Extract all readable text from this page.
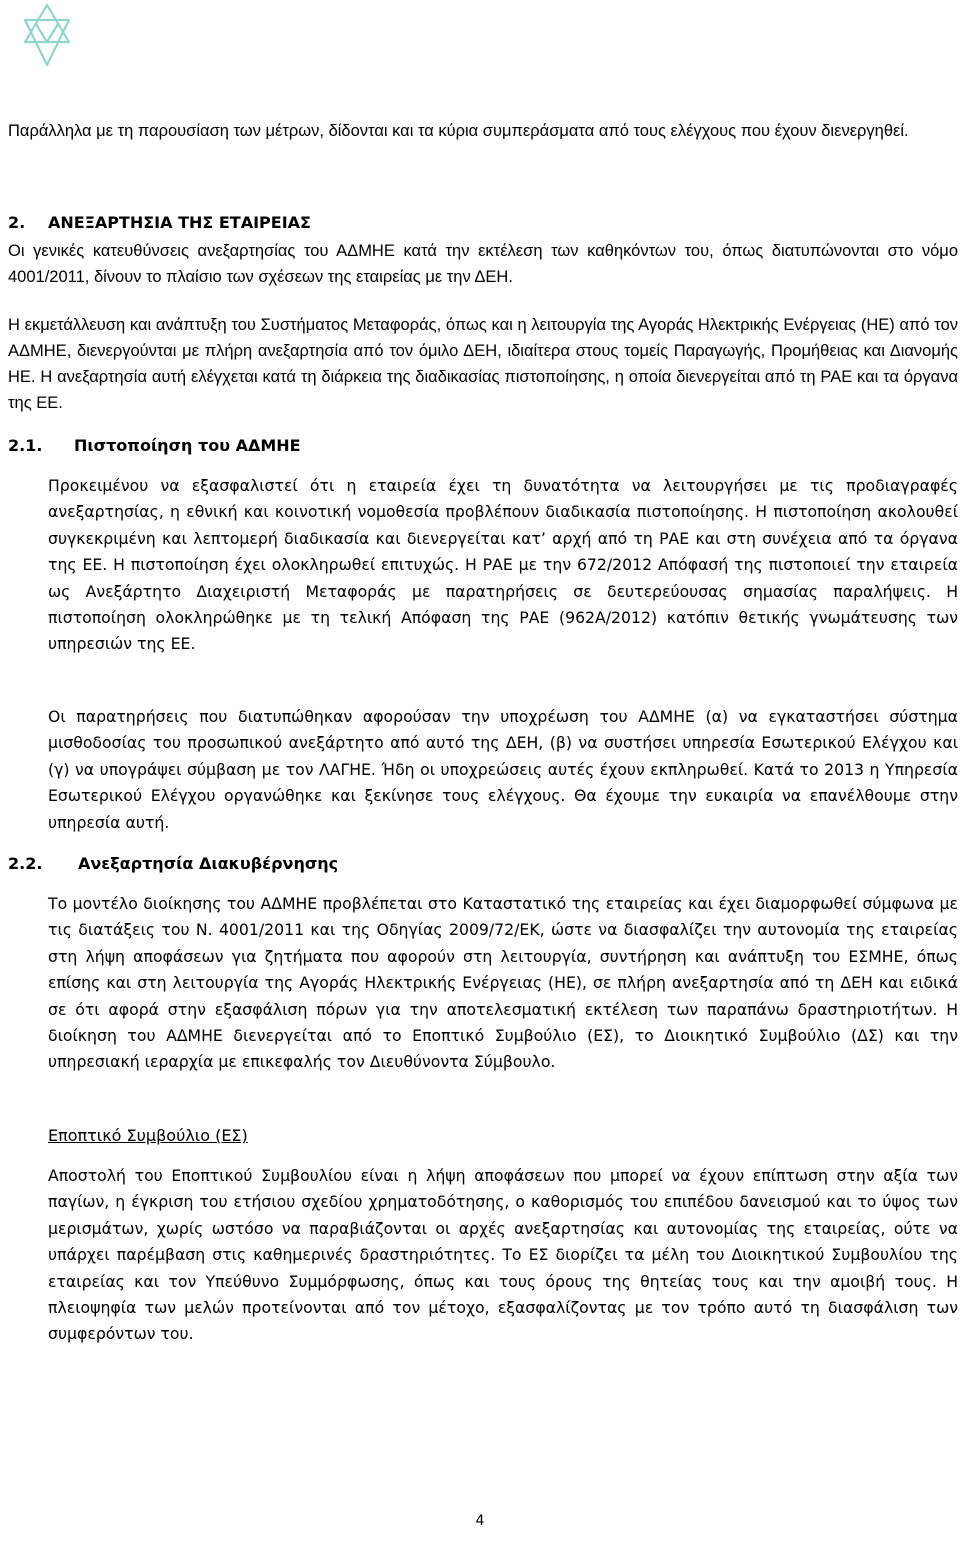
Παράλληλα με τη παρουσίαση των μέτρων, δίδονται και τα κύρια συμπεράσματα από τους ελέγχους που έχουν διενεργηθεί.

2. ΑΝΕΞΑΡΤΗΣΙΑ ΤΗΣ ΕΤΑΙΡΕΙΑΣ

Οι γενικές κατευθύνσεις ανεξαρτησίας του ΑΔΜΗΕ κατά την εκτέλεση των καθηκόντων του, όπως διατυπώνονται στο νόμο 4001/2011, δίνουν το πλαίσιο των σχέσεων της εταιρείας με την ΔΕΗ.

Η εκμετάλλευση και ανάπτυξη του Συστήματος Μεταφοράς, όπως και η λειτουργία της Αγοράς Ηλεκτρικής Ενέργειας (ΗΕ) από τον ΑΔΜΗΕ, διενεργούνται με πλήρη ανεξαρτησία από τον όμιλο ΔΕΗ, ιδιαίτερα στους τομείς Παραγωγής, Προμήθειας και Διανομής ΗΕ. Η ανεξαρτησία αυτή ελέγχεται κατά τη διάρκεια της διαδικασίας πιστοποίησης, η οποία διενεργείται από τη ΡΑΕ και τα όργανα της ΕΕ.

2.1. Πιστοποίηση του ΑΔΜΗΕ

Προκειμένου να εξασφαλιστεί ότι η εταιρεία έχει τη δυνατότητα να λειτουργήσει με τις προδιαγραφές ανεξαρτησίας, η εθνική και κοινοτική νομοθεσία προβλέπουν διαδικασία πιστοποίησης. Η πιστοποίηση ακολουθεί συγκεκριμένη και λεπτομερή διαδικασία και διενεργείται κατ’ αρχή από τη ΡΑΕ και στη συνέχεια από τα όργανα της ΕΕ. Η πιστοποίηση έχει ολοκληρωθεί επιτυχώς. Η ΡΑΕ με την 672/2012 Απόφασή της πιστοποιεί την εταιρεία ως Ανεξάρτητο Διαχειριστή Μεταφοράς με παρατηρήσεις σε δευτερεύουσας σημασίας παραλήψεις. Η πιστοποίηση ολοκληρώθηκε με τη τελική Απόφαση της ΡΑΕ (962Α/2012) κατόπιν θετικής γνωμάτευσης των υπηρεσιών της ΕΕ.

Οι παρατηρήσεις που διατυπώθηκαν αφορούσαν την υποχρέωση του ΑΔΜΗΕ (α) να εγκαταστήσει σύστημα μισθοδοσίας του προσωπικού ανεξάρτητο από αυτό της ΔΕΗ, (β) να συστήσει υπηρεσία Εσωτερικού Ελέγχου και (γ) να υπογράψει σύμβαση με τον ΛΑΓΗΕ. Ήδη οι υποχρεώσεις αυτές έχουν εκπληρωθεί. Κατά το 2013 η Υπηρεσία Εσωτερικού Ελέγχου οργανώθηκε και ξεκίνησε τους ελέγχους. Θα έχουμε την ευκαιρία να επανέλθουμε στην υπηρεσία αυτή.

2.2. Ανεξαρτησία Διακυβέρνησης

Το μοντέλο διοίκησης του ΑΔΜΗΕ προβλέπεται στο Καταστατικό της εταιρείας και έχει διαμορφωθεί σύμφωνα με τις διατάξεις του Ν. 4001/2011 και της Οδηγίας 2009/72/ΕΚ, ώστε να διασφαλίζει την αυτονομία της εταιρείας στη λήψη αποφάσεων για ζητήματα που αφορούν στη λειτουργία, συντήρηση και ανάπτυξη του ΕΣΜΗΕ, όπως επίσης και στη λειτουργία της Αγοράς Ηλεκτρικής Ενέργειας (ΗΕ), σε πλήρη ανεξαρτησία από τη ΔΕΗ και ειδικά σε ότι αφορά στην εξασφάλιση πόρων για την αποτελεσματική εκτέλεση των παραπάνω δραστηριοτήτων. Η διοίκηση του ΑΔΜΗΕ διενεργείται από το Εποπτικό Συμβούλιο (ΕΣ), το Διοικητικό Συμβούλιο (ΔΣ) και την υπηρεσιακή ιεραρχία με επικεφαλής τον Διευθύνοντα Σύμβουλο.

Εποπτικό Συμβούλιο (ΕΣ)

Αποστολή του Εποπτικού Συμβουλίου είναι η λήψη αποφάσεων που μπορεί να έχουν επίπτωση στην αξία των παγίων, η έγκριση του ετήσιου σχεδίου χρηματοδότησης, ο καθορισμός του επιπέδου δανεισμού και το ύψος των μερισμάτων, χωρίς ωστόσο να παραβιάζονται οι αρχές ανεξαρτησίας και αυτονομίας της εταιρείας, ούτε να υπάρχει παρέμβαση στις καθημερινές δραστηριότητες. Το ΕΣ διορίζει τα μέλη του Διοικητικού Συμβουλίου της εταιρείας και τον Υπεύθυνο Συμμόρφωσης, όπως και τους όρους της θητείας τους και την αμοιβή τους. Η πλειοψηφία των μελών προτείνονται από τον μέτοχο, εξασφαλίζοντας με τον τρόπο αυτό τη διασφάλιση των συμφερόντων του.

4
